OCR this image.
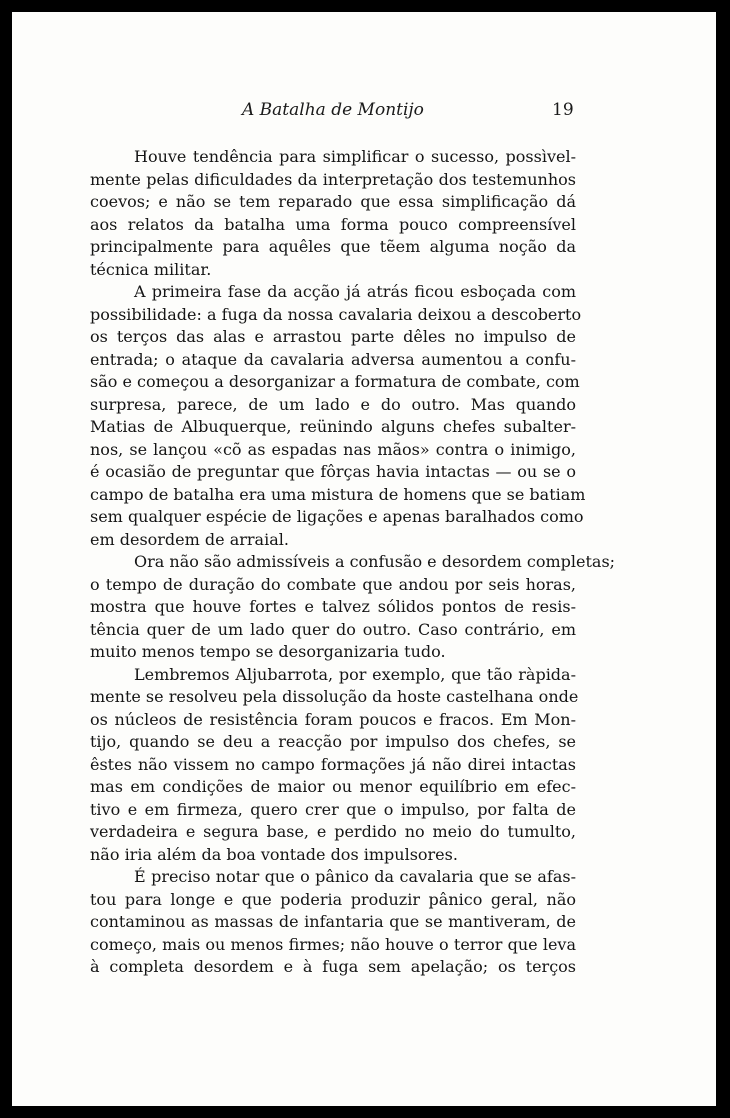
A Batalha de Montijo	19
Houve tendência para simplificar o sucesso, possìvel-
mente pelas dificuldades da interpretação dos testemunhos
coevos; e não se tem reparado que essa simplificação dá
aos relatos da batalha uma forma pouco compreensível
principalmente para aquêles que tẽem alguma noção da
técnica militar.
A primeira fase da acção já atrás ficou esboçada com
possibilidade: a fuga da nossa cavalaria deixou a descoberto
os terços das alas e arrastou parte dêles no impulso de
entrada; o ataque da cavalaria adversa aumentou a confu-
são e começou a desorganizar a formatura de combate, com
surpresa, parece, de um lado e do outro. Mas quando
Matias de Albuquerque, reünindo alguns chefes subalter-
nos, se lançou «cõ as espadas nas mãos» contra o inimigo,
é ocasião de preguntar que fôrças havia intactas — ou se o
campo de batalha era uma mistura de homens que se batiam
sem qualquer espécie de ligações e apenas baralhados como
em desordem de arraial.
Ora não são admissíveis a confusão e desordem completas;
o tempo de duração do combate que andou por seis horas,
mostra que houve fortes e talvez sólidos pontos de resis-
tência quer de um lado quer do outro. Caso contrário, em
muito menos tempo se desorganizaria tudo.
Lembremos Aljubarrota, por exemplo, que tão ràpida-
mente se resolveu pela dissolução da hoste castelhana onde
os núcleos de resistência foram poucos e fracos. Em Mon-
tijo, quando se deu a reacção por impulso dos chefes, se
êstes não vissem no campo formações já não direi intactas
mas em condições de maior ou menor equilíbrio em efec-
tivo e em firmeza, quero crer que o impulso, por falta de
verdadeira e segura base, e perdido no meio do tumulto,
não iria além da boa vontade dos impulsores.
É preciso notar que o pânico da cavalaria que se afas-
tou para longe e que poderia produzir pânico geral, não
contaminou as massas de infantaria que se mantiveram, de
começo, mais ou menos firmes; não houve o terror que leva
à completa desordem e à fuga sem apelação; os terços
